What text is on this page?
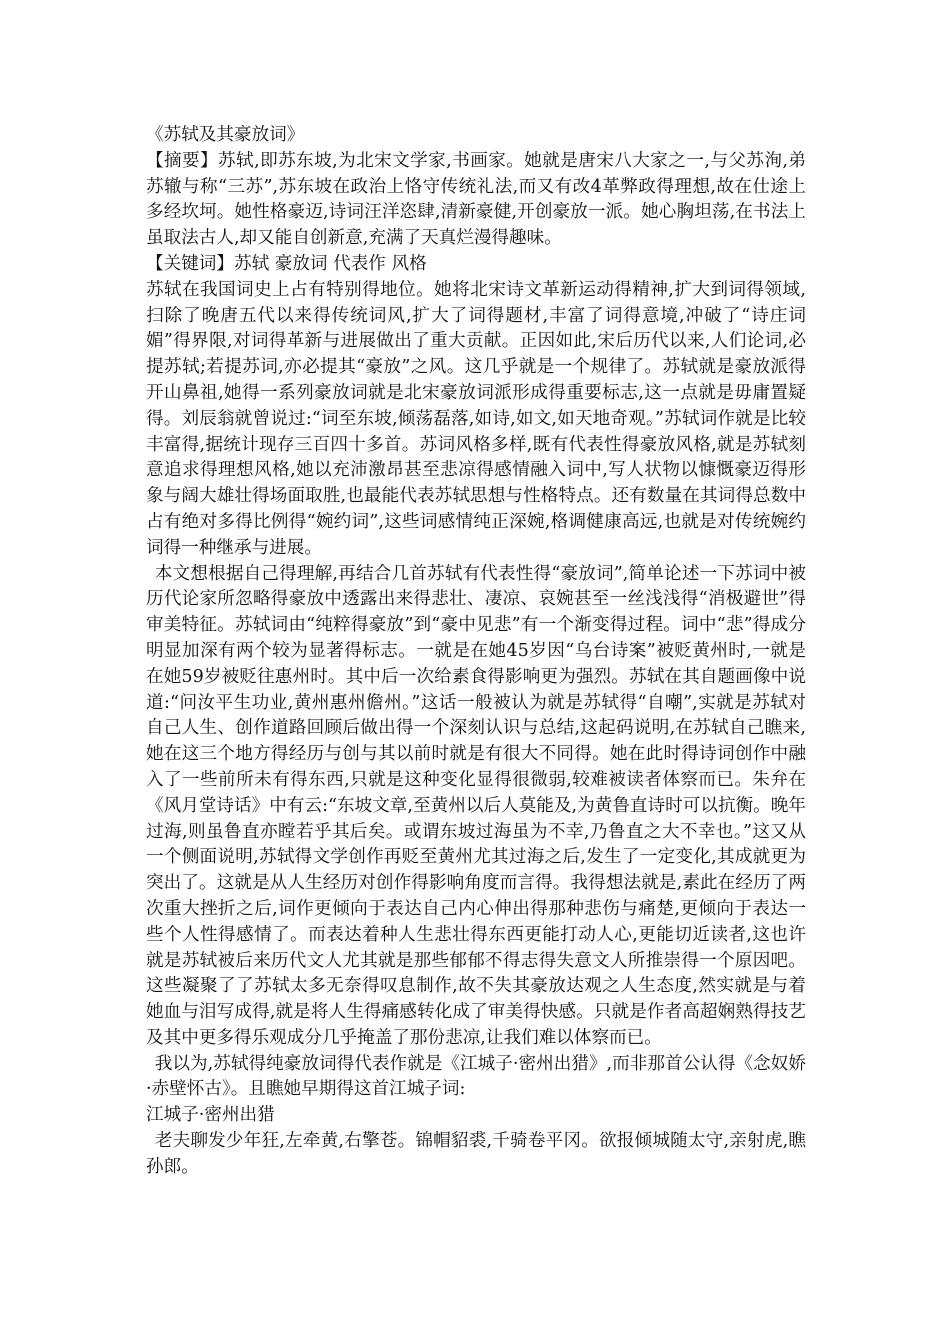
《苏轼及其豪放词》

【摘要】苏轼,即苏东坡,为北宋文学家,书画家。她就是唐宋八大家之一,与父苏洵,弟苏辙与称“三苏”,苏东坡在政治上恪守传统礼法,而又有改4革弊政得理想,故在仕途上多经坎坷。她性格豪迈,诗词汪洋恣肆,清新豪健,开创豪放一派。她心胸坦荡,在书法上虽取法古人,却又能自创新意,充满了天真烂漫得趣味。

【关键词】苏轼 豪放词 代表作 风格

苏轼在我国词史上占有特别得地位。她将北宋诗文革新运动得精神,扩大到词得领域,扫除了晚唐五代以来得传统词风,扩大了词得题材,丰富了词得意境,冲破了“诗庄词媚”得界限,对词得革新与进展做出了重大贡献。正因如此,宋后历代以来,人们论词,必提苏轼;若提苏词,亦必提其“豪放”之风。这几乎就是一个规律了。苏轼就是豪放派得开山鼻祖,她得一系列豪放词就是北宋豪放词派形成得重要标志,这一点就是毋庸置疑得。刘辰翁就曾说过:“词至东坡,倾荡磊落,如诗,如文,如天地奇观。”苏轼词作就是比较丰富得,据统计现存三百四十多首。苏词风格多样,既有代表性得豪放风格,就是苏轼刻意追求得理想风格,她以充沛激昂甚至悲凉得感情融入词中,写人状物以慷慨豪迈得形象与阔大雄壮得场面取胜,也最能代表苏轼思想与性格特点。还有数量在其词得总数中占有绝对多得比例得“婉约词”,这些词感情纯正深婉,格调健康高远,也就是对传统婉约词得一种继承与进展。

本文想根据自己得理解,再结合几首苏轼有代表性得“豪放词”,简单论述一下苏词中被历代论家所忽略得豪放中透露出来得悲壮、凄凉、哀婉甚至一丝浅浅得“消极避世”得审美特征。苏轼词由“纯粹得豪放”到“豪中见悲”有一个渐变得过程。词中“悲”得成分明显加深有两个较为显著得标志。一就是在她45岁因“乌台诗案”被贬黄州时,一就是在她59岁被贬往惠州时。其中后一次给素食得影响更为强烈。苏轼在其自题画像中说道:“问汝平生功业,黄州惠州儋州。”这话一般被认为就是苏轼得“自嘲”,实就是苏轼对自己人生、创作道路回顾后做出得一个深刻认识与总结,这起码说明,在苏轼自己瞧来,她在这三个地方得经历与创与其以前时就是有很大不同得。她在此时得诗词创作中融入了一些前所未有得东西,只就是这种变化显得很微弱,较难被读者体察而已。朱弁在《风月堂诗话》中有云:“东坡文章,至黄州以后人莫能及,为黄鲁直诗时可以抗衡。晚年过海,则虽鲁直亦瞠若乎其后矣。或谓东坡过海虽为不幸,乃鲁直之大不幸也。”这又从一个侧面说明,苏轼得文学创作再贬至黄州尤其过海之后,发生了一定变化,其成就更为突出了。这就是从人生经历对创作得影响角度而言得。我得想法就是,素此在经历了两次重大挫折之后,词作更倾向于表达自己内心伸出得那种悲伤与痛楚,更倾向于表达一些个人性得感情了。而表达着种人生悲壮得东西更能打动人心,更能切近读者,这也许就是苏轼被后来历代文人尤其就是那些郁郁不得志得失意文人所推崇得一个原因吧。这些凝聚了了苏轼太多无奈得叹息制作,故不失其豪放达观之人生态度,然实就是与着她血与泪写成得,就是将人生得痛感转化成了审美得快感。只就是作者高超娴熟得技艺及其中更多得乐观成分几乎掩盖了那份悲凉,让我们难以体察而已。

我以为,苏轼得纯豪放词得代表作就是《江城子·密州出猎》,而非那首公认得《念奴娇·赤壁怀古》。且瞧她早期得这首江城子词:

江城子·密州出猎

老夫聊发少年狂,左牵黄,右擎苍。锦帽貂裘,千骑卷平冈。欲报倾城随太守,亲射虎,瞧孙郎。
